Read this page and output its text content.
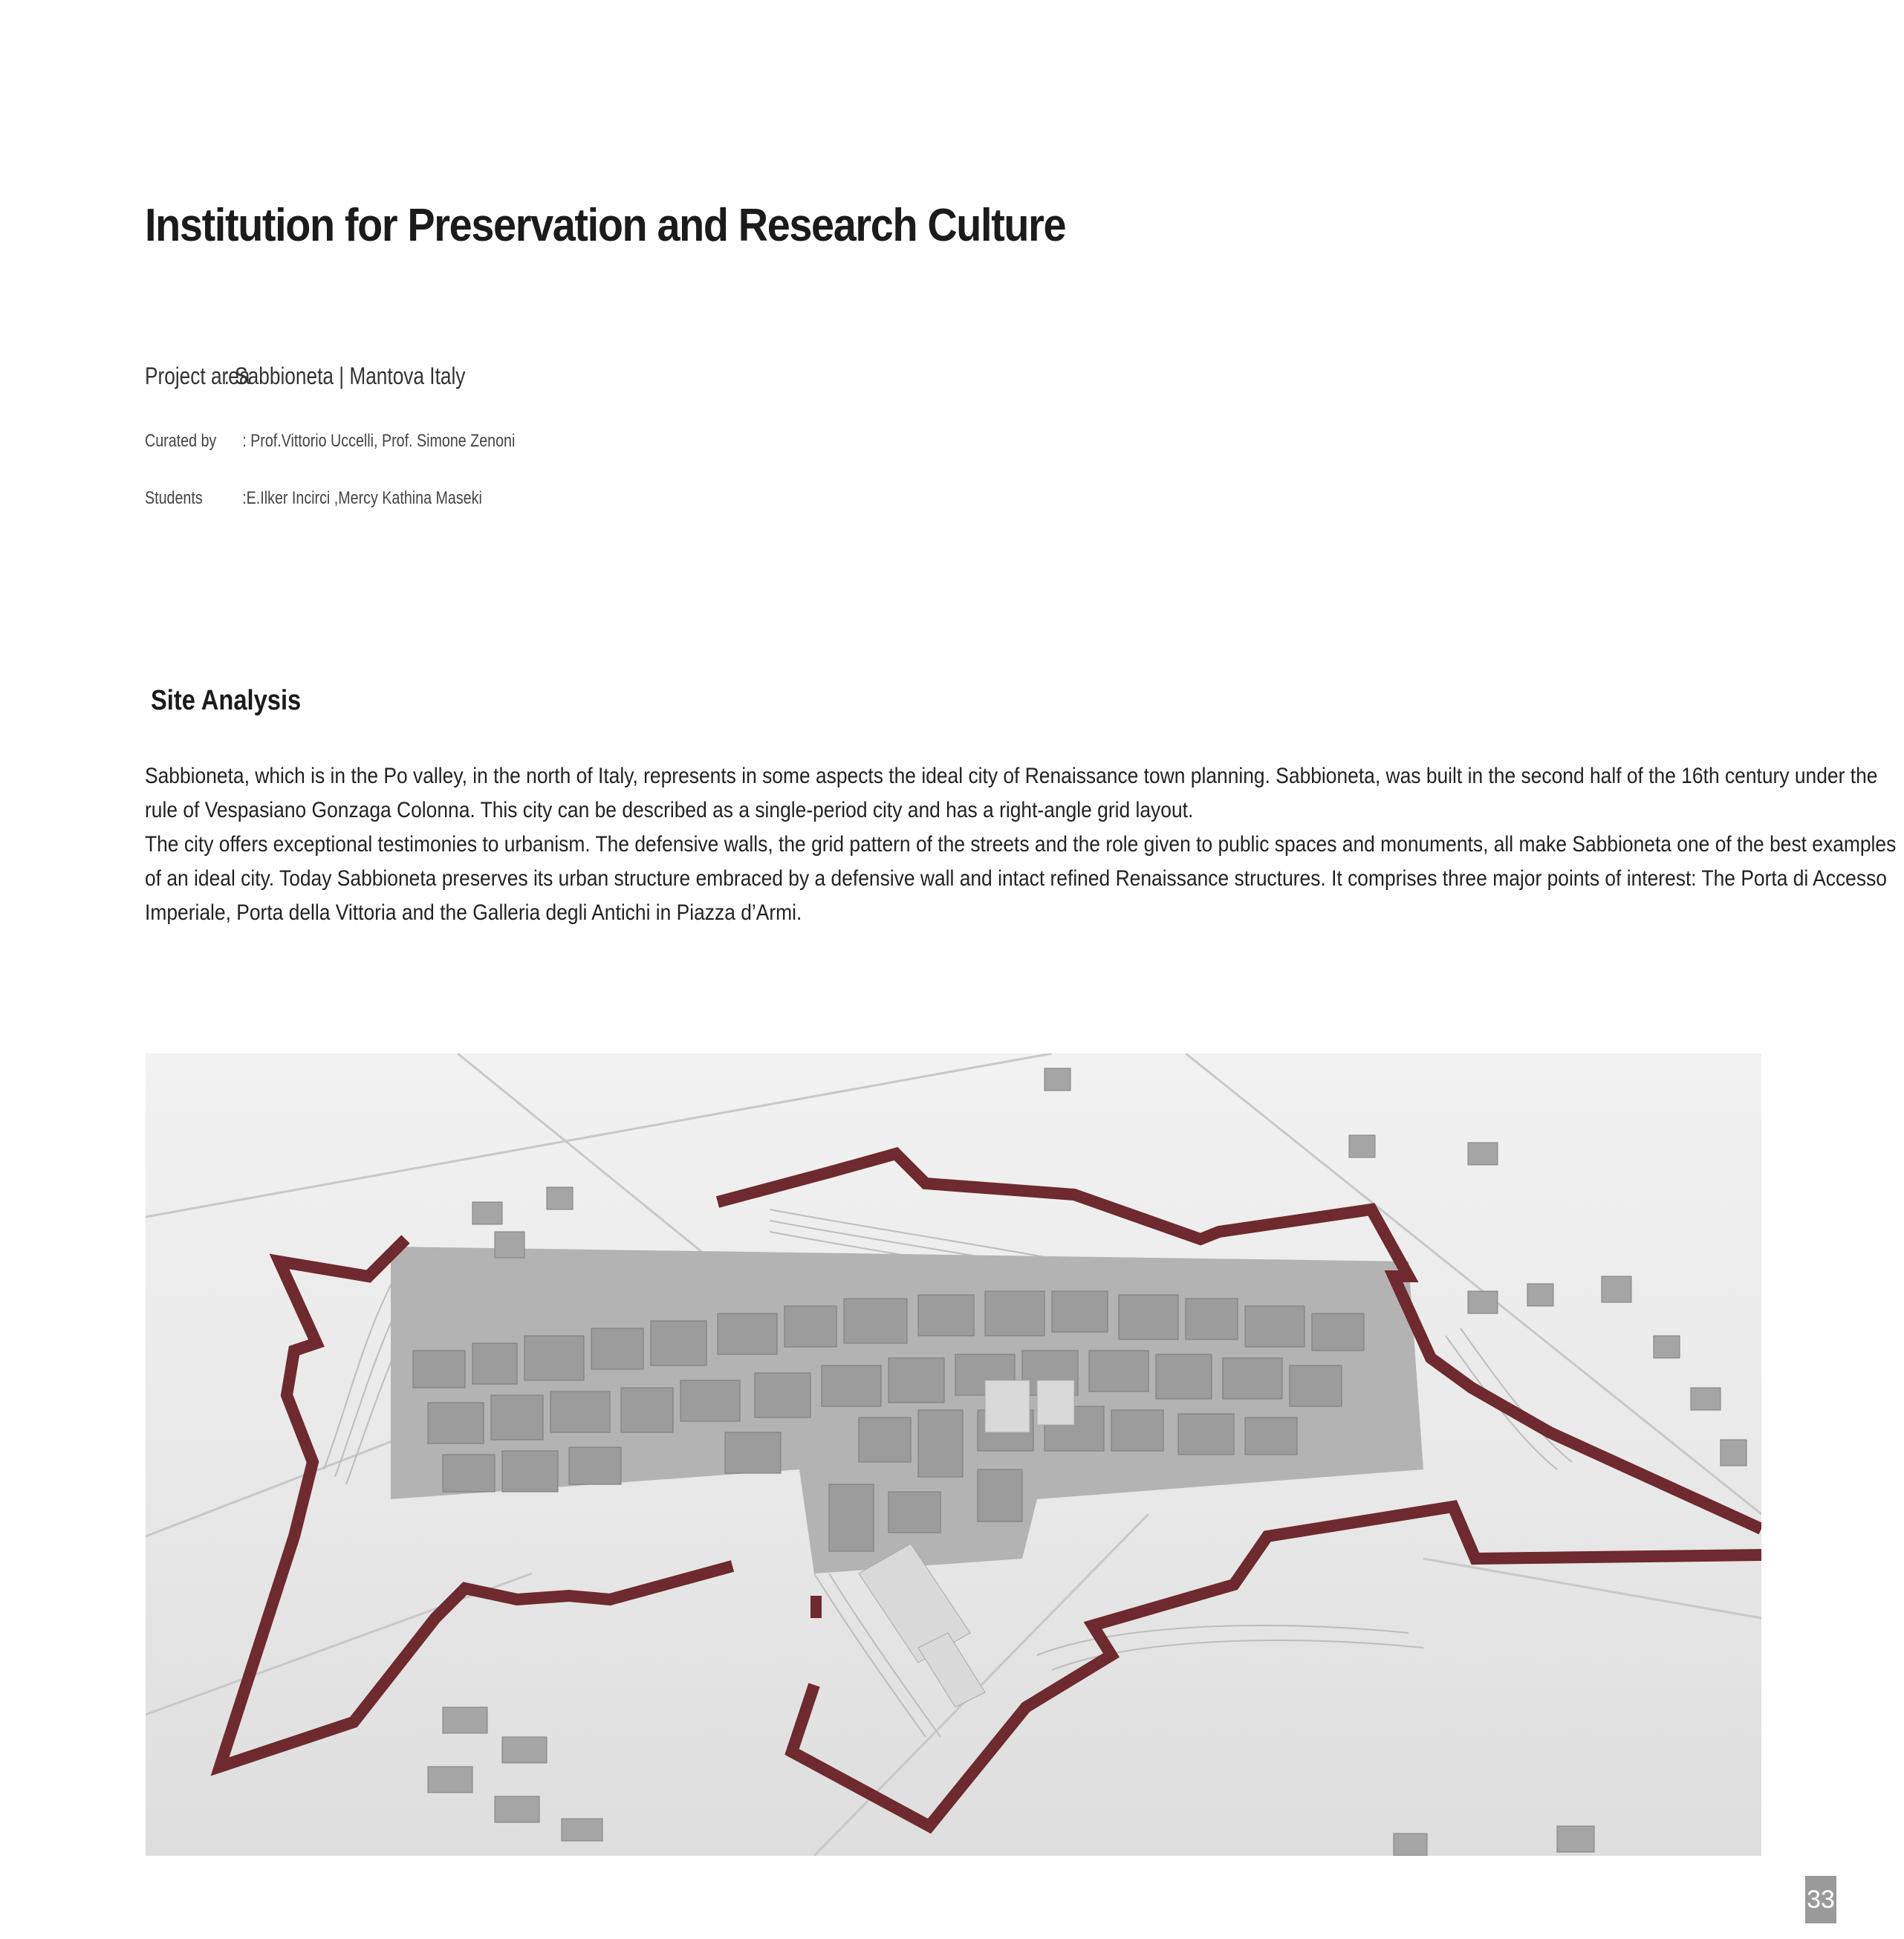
Institution for Preservation and Research Culture
Project area
: Sabbioneta | Mantova Italy
Curated by : Prof.Vittorio Uccelli, Prof. Simone Zenoni
Students :E.Ilker Incirci ,Mercy Kathina Maseki
Site Analysis

Sabbioneta, which is in the Po valley, in the north of Italy, represents in some aspects the ideal city of Renaissance town planning. Sabbioneta, was built in the second half of the 16th century under the rule of Vespasiano Gonzaga Colonna. This city can be described as a single-period city and has a right-angle grid layout.

The city offers exceptional testimonies to urbanism. The defensive walls, the grid pattern of the streets and the role given to public spaces and monuments, all make Sabbioneta one of the best examples of an ideal city. Today Sabbioneta preserves its urban structure embraced by a defensive wall and intact refined Renaissance structures. It comprises three major points of interest: The Porta di Accesso Imperiale, Porta della Vittoria and the Galleria degli Antichi in Piazza d’Armi.

33
